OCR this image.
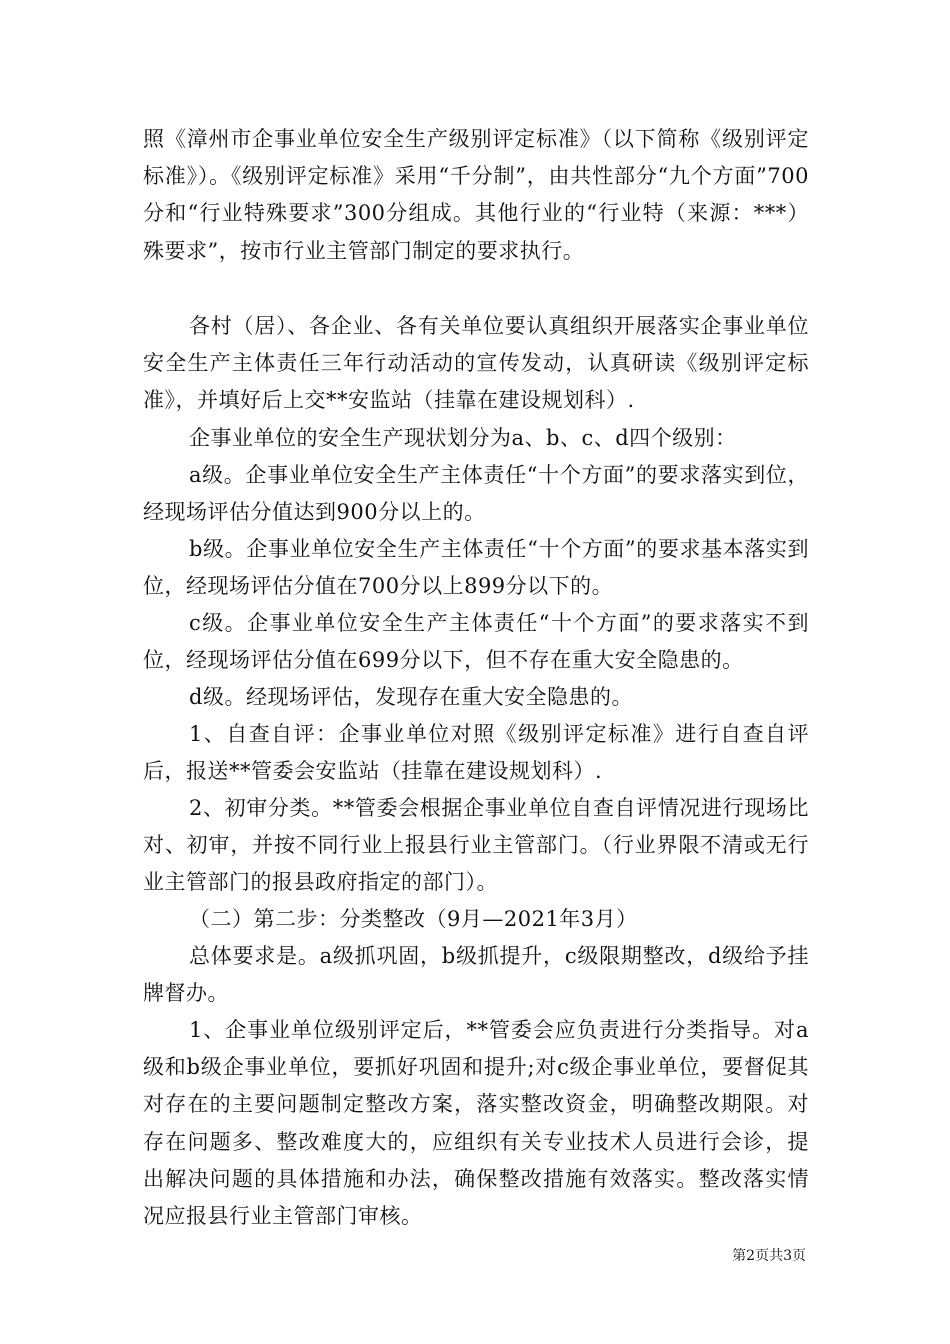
照《漳州市企事业单位安全生产级别评定标准》（以下简称《级别评定标准》）。《级别评定标准》采用“千分制”，由共性部分“九个方面”700分和“行业特殊要求”300分组成。其他行业的“行业特（来源：***）殊要求”，按市行业主管部门制定的要求执行。

各村（居）、各企业、各有关单位要认真组织开展落实企事业单位安全生产主体责任三年行动活动的宣传发动，认真研读《级别评定标准》，并填好后上交**安监站（挂靠在建设规划科）.

企事业单位的安全生产现状划分为a、b、c、d四个级别：

a级。企事业单位安全生产主体责任“十个方面”的要求落实到位，经现场评估分值达到900分以上的。

b级。企事业单位安全生产主体责任“十个方面”的要求基本落实到位，经现场评估分值在700分以上899分以下的。

c级。企事业单位安全生产主体责任“十个方面”的要求落实不到位，经现场评估分值在699分以下，但不存在重大安全隐患的。

d级。经现场评估，发现存在重大安全隐患的。

1、自查自评：企事业单位对照《级别评定标准》进行自查自评后，报送**管委会安监站（挂靠在建设规划科）.

2、初审分类。**管委会根据企事业单位自查自评情况进行现场比对、初审，并按不同行业上报县行业主管部门。（行业界限不清或无行业主管部门的报县政府指定的部门）。

（二）第二步：分类整改（9月—2021年3月）

总体要求是。a级抓巩固，b级抓提升，c级限期整改，d级给予挂牌督办。

1、企事业单位级别评定后，**管委会应负责进行分类指导。对a级和b级企事业单位，要抓好巩固和提升;对c级企事业单位，要督促其对存在的主要问题制定整改方案，落实整改资金，明确整改期限。对存在问题多、整改难度大的，应组织有关专业技术人员进行会诊，提出解决问题的具体措施和办法，确保整改措施有效落实。整改落实情况应报县行业主管部门审核。

第2页共3页
